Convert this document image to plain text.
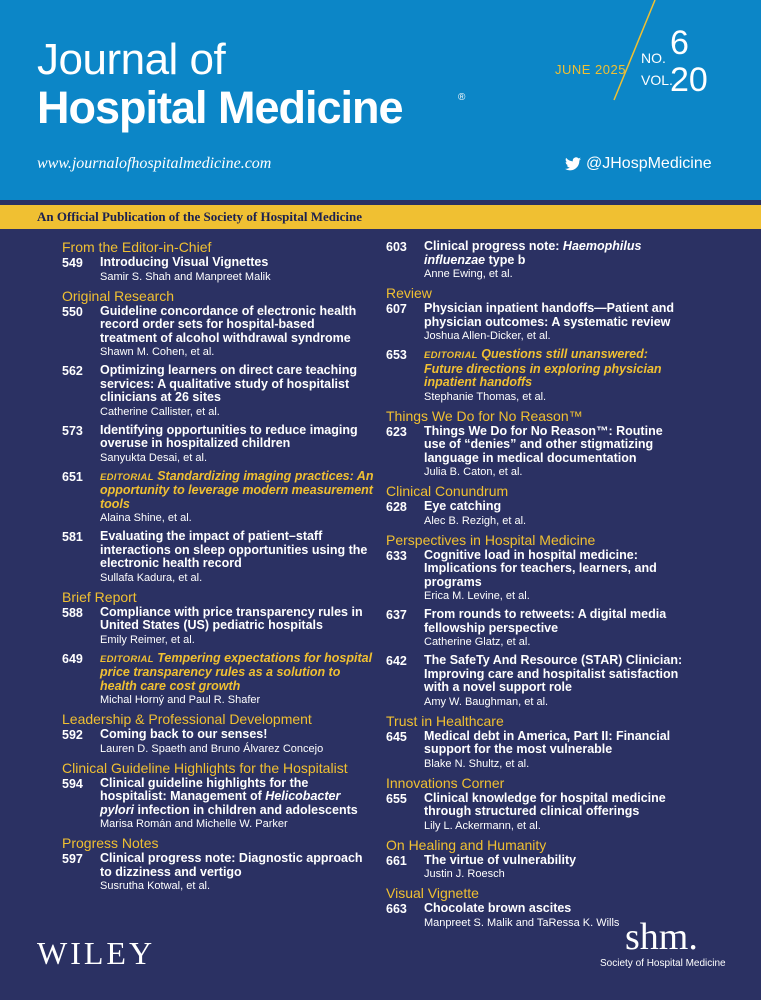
Journal of
Hospital Medicine	®
JUNE 2025
NO. 6
VOL.
20
www.journalofhospitalmedicine.com	@JHospMedicine
An Official Publication of the Society of Hospital Medicine
From the Editor-in-Chief
549	Introducing Visual Vignettes
Samir S. Shah and Manpreet Malik
Original Research
550	Guideline concordance of electronic health record order sets for hospital-based treatment of alcohol withdrawal syndrome
Shawn M. Cohen, et al.
562	Optimizing learners on direct care teaching services: A qualitative study of hospitalist clinicians at 26 sites
Catherine Callister, et al.
573	Identifying opportunities to reduce imaging overuse in hospitalized children
Sanyukta Desai, et al.
651	EDITORIAL Standardizing imaging practices: An opportunity to leverage modern measurement tools
Alaina Shine, et al.
581	Evaluating the impact of patient–staff interactions on sleep opportunities using the electronic health record
Sullafa Kadura, et al.
Brief Report
588	Compliance with price transparency rules in United States (US) pediatric hospitals
Emily Reimer, et al.
649	EDITORIAL Tempering expectations for hospital price transparency rules as a solution to health care cost growth
Michal Horný and Paul R. Shafer
Leadership & Professional Development
592	Coming back to our senses!
Lauren D. Spaeth and Bruno Álvarez Concejo
Clinical Guideline Highlights for the Hospitalist
594	Clinical guideline highlights for the hospitalist: Management of Helicobacter pylori infection in children and adolescents
Marisa Román and Michelle W. Parker
Progress Notes
597	Clinical progress note: Diagnostic approach to dizziness and vertigo
Susrutha Kotwal, et al.
603	Clinical progress note: Haemophilus influenzae type b
Anne Ewing, et al.
Review
607	Physician inpatient handoffs—Patient and physician outcomes: A systematic review
Joshua Allen-Dicker, et al.
653	EDITORIAL Questions still unanswered: Future directions in exploring physician inpatient handoffs
Stephanie Thomas, et al.
Things We Do for No Reason™
623	Things We Do for No Reason™: Routine use of “denies” and other stigmatizing language in medical documentation
Julia B. Caton, et al.
Clinical Conundrum
628	Eye catching
Alec B. Rezigh, et al.
Perspectives in Hospital Medicine
633	Cognitive load in hospital medicine: Implications for teachers, learners, and programs
Erica M. Levine, et al.
637	From rounds to retweets: A digital media fellowship perspective
Catherine Glatz, et al.
642	The SafeTy And Resource (STAR) Clinician: Improving care and hospitalist satisfaction with a novel support role
Amy W. Baughman, et al.
Trust in Healthcare
645	Medical debt in America, Part II: Financial support for the most vulnerable
Blake N. Shultz, et al.
Innovations Corner
655	Clinical knowledge for hospital medicine through structured clinical offerings
Lily L. Ackermann, et al.
On Healing and Humanity
661	The virtue of vulnerability
Justin J. Roesch
Visual Vignette
663	Chocolate brown ascites
Manpreet S. Malik and TaRessa K. Wills
WILEY	shm.
Society of Hospital Medicine
